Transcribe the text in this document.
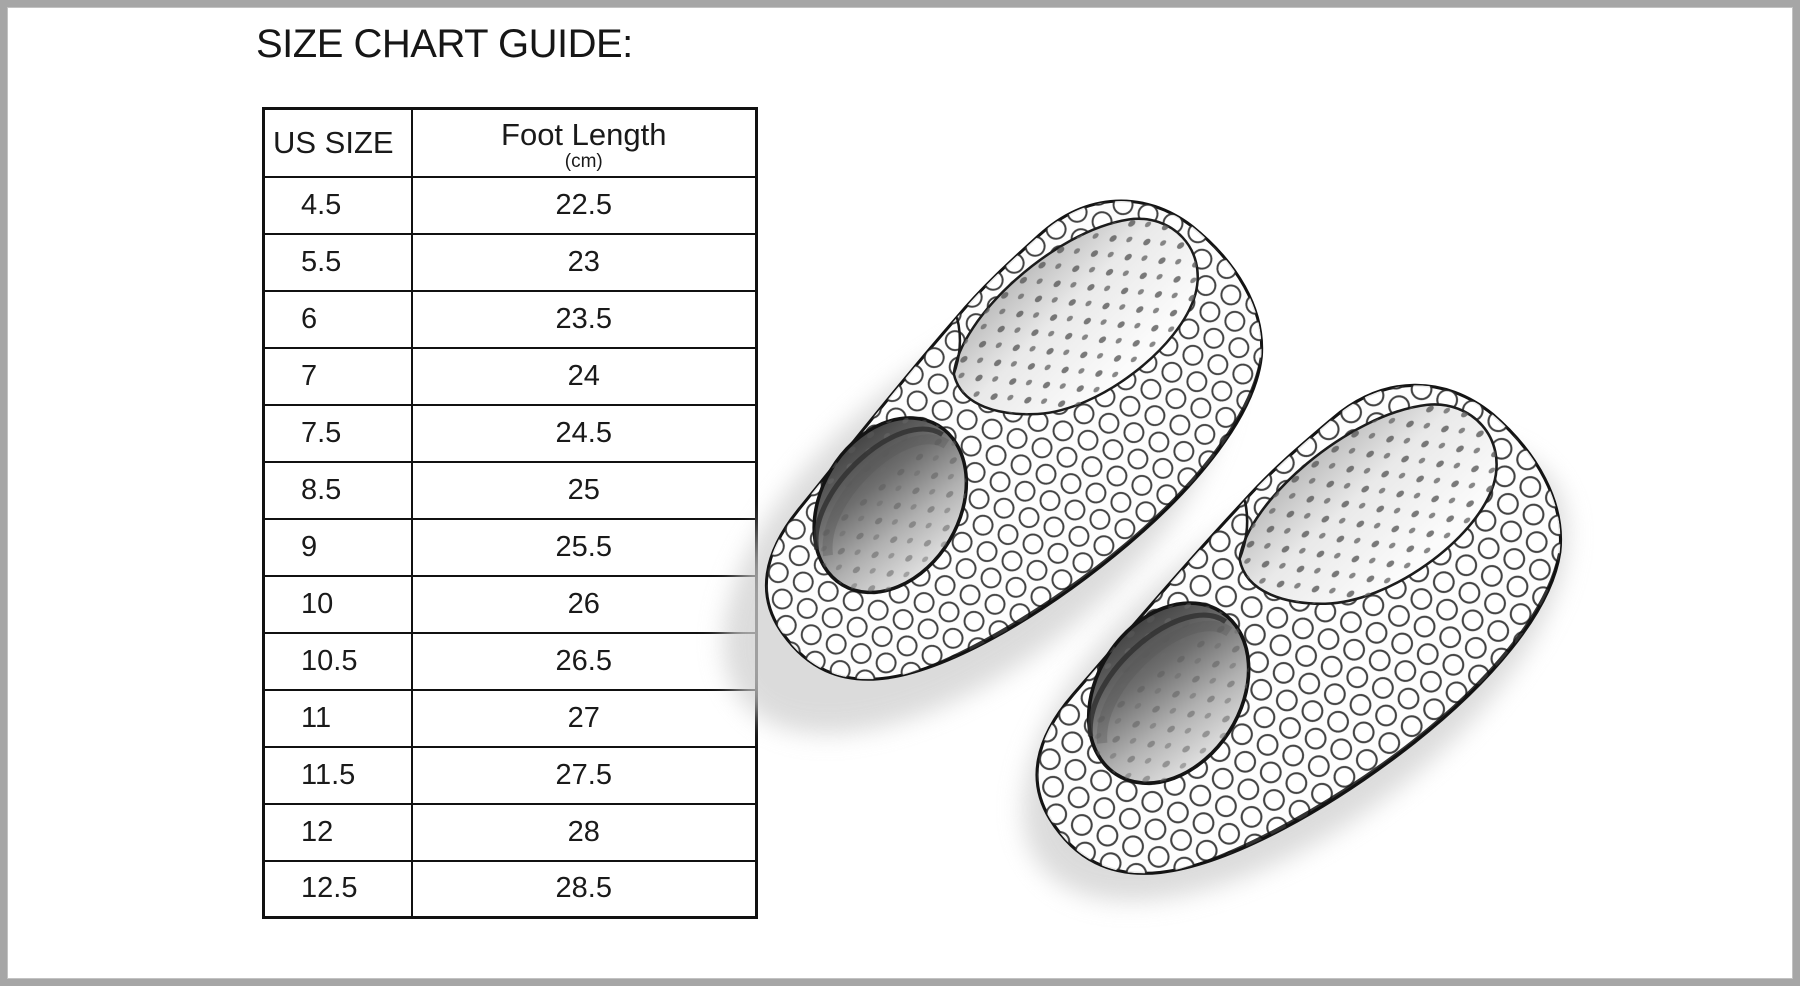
SIZE CHART GUIDE:
US SIZE	Foot Length
(cm)

4.5	22.5
5.5	23
6	23.5
7	24
7.5	24.5
8.5	25
9	25.5
10	26
10.5	26.5
11	27
11.5	27.5
12	28
12.5	28.5
